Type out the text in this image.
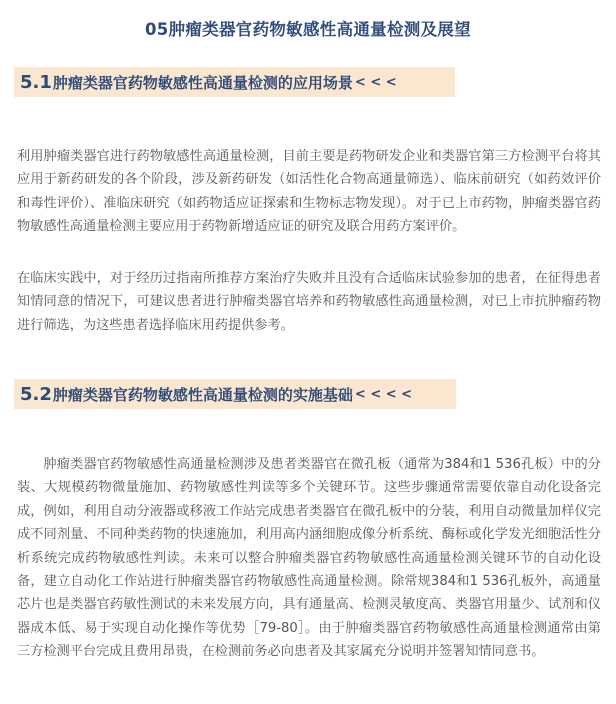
05肿瘤类器官药物敏感性高通量检测及展望
5.1 肿瘤类器官药物敏感性高通量检测的应用场景 < < <

利用肿瘤类器官进行药物敏感性高通量检测，目前主要是药物研发企业和类器官第三方检测平台将其应用于新药研发的各个阶段，涉及新药研发（如活性化合物高通量筛选）、临床前研究（如药效评价和毒性评价）、准临床研究（如药物适应证探索和生物标志物发现）。对于已上市药物，肿瘤类器官药物敏感性高通量检测主要应用于药物新增适应证的研究及联合用药方案评价。

在临床实践中，对于经历过指南所推荐方案治疗失败并且没有合适临床试验参加的患者，在征得患者知情同意的情况下，可建议患者进行肿瘤类器官培养和药物敏感性高通量检测，对已上市抗肿瘤药物进行筛选，为这些患者选择临床用药提供参考。

5.2 肿瘤类器官药物敏感性高通量检测的实施基础 < < < <

肿瘤类器官药物敏感性高通量检测涉及患者类器官在微孔板（通常为384和1 536孔板）中的分装、大规模药物微量施加、药物敏感性判读等多个关键环节。这些步骤通常需要依靠自动化设备完成，例如，利用自动分液器或移液工作站完成患者类器官在微孔板中的分装，利用自动微量加样仪完成不同剂量、不同种类药物的快速施加，利用高内涵细胞成像分析系统、酶标或化学发光细胞活性分析系统完成药物敏感性判读。未来可以整合肿瘤类器官药物敏感性高通量检测关键环节的自动化设备，建立自动化工作站进行肿瘤类器官药物敏感性高通量检测。除常规384和1 536孔板外，高通量芯片也是类器官药敏性测试的未来发展方向，具有通量高、检测灵敏度高、类器官用量少、试剂和仪器成本低、易于实现自动化操作等优势［79-80］。由于肿瘤类器官药物敏感性高通量检测通常由第三方检测平台完成且费用昂贵，在检测前务必向患者及其家属充分说明并签署知情同意书。
